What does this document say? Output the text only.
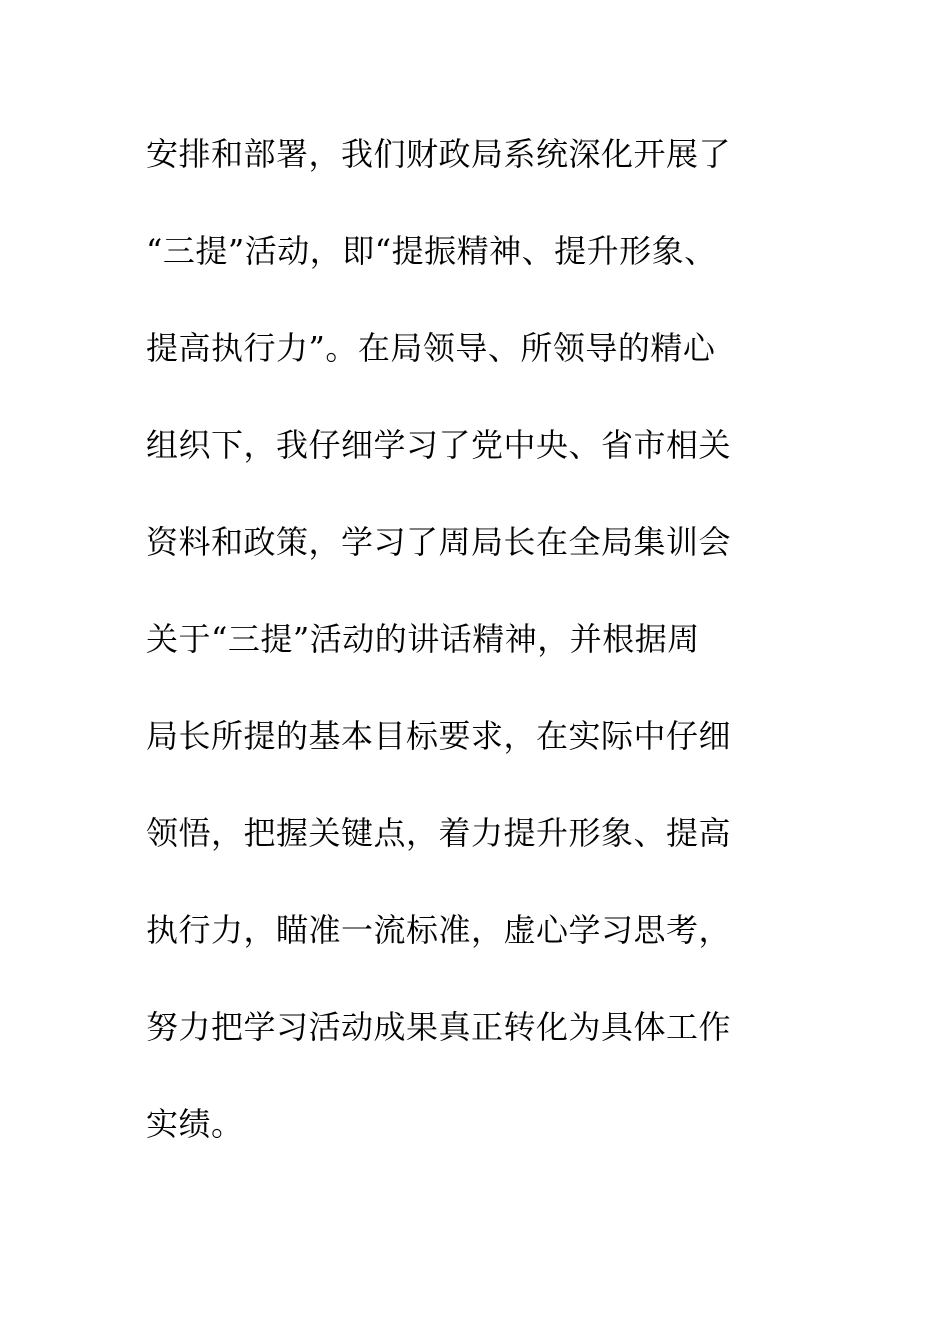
安排和部署，我们财政局系统深化开展了
“三提”活动，即“提振精神、提升形象、
提高执行力”。在局领导、所领导的精心
组织下，我仔细学习了党中央、省市相关
资料和政策，学习了周局长在全局集训会
关于“三提”活动的讲话精神，并根据周
局长所提的基本目标要求，在实际中仔细
领悟，把握关键点，着力提升形象、提高
执行力，瞄准一流标准，虚心学习思考，
努力把学习活动成果真正转化为具体工作
实绩。
